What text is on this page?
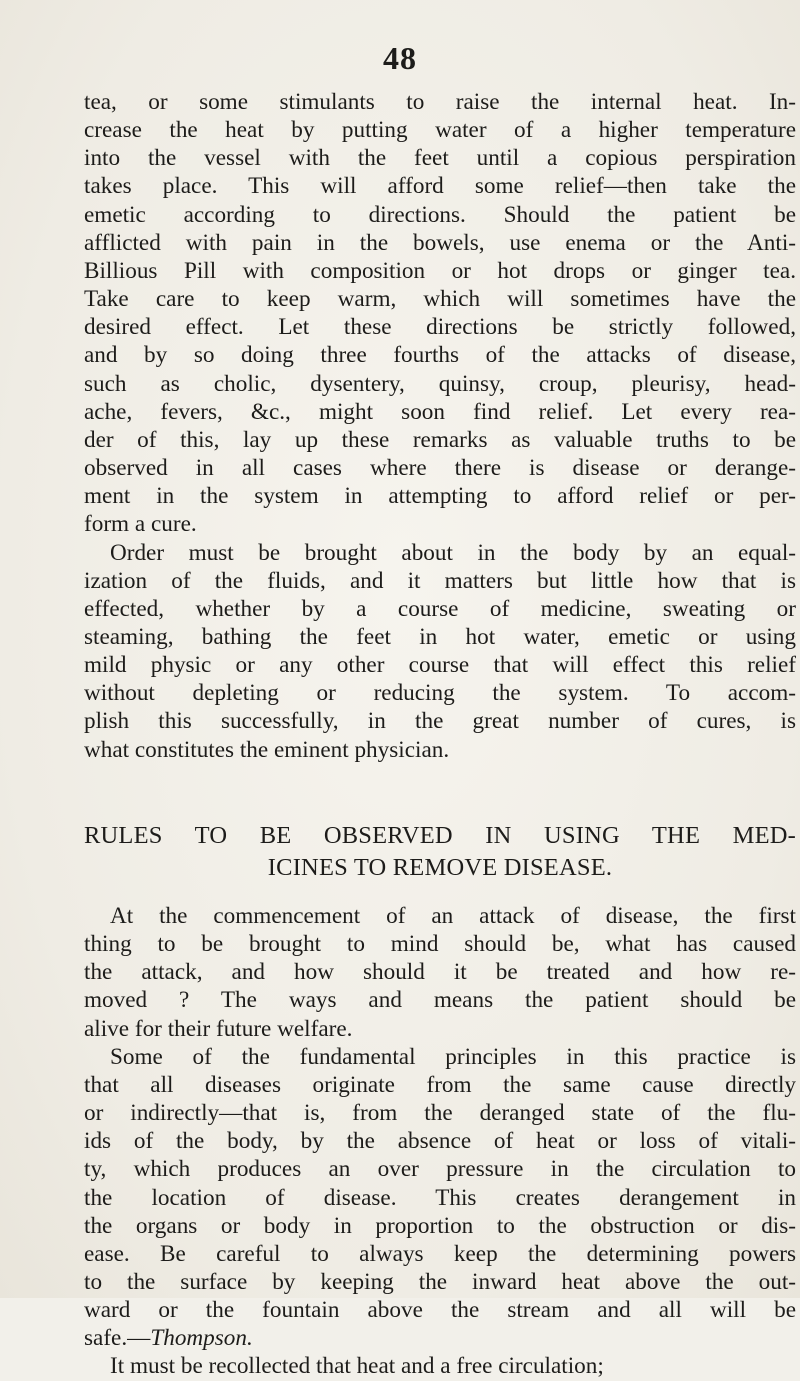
48
tea, or some stimulants to raise the internal heat. In-
crease the heat by putting water of a higher temperature
into the vessel with the feet until a copious perspiration
takes place. This will afford some relief—then take the
emetic according to directions. Should the patient be
afflicted with pain in the bowels, use enema or the Anti-
Billious Pill with composition or hot drops or ginger tea.
Take care to keep warm, which will sometimes have the
desired effect. Let these directions be strictly followed,
and by so doing three fourths of the attacks of disease,
such as cholic, dysentery, quinsy, croup, pleurisy, head-
ache, fevers, &c., might soon find relief. Let every rea-
der of this, lay up these remarks as valuable truths to be
observed in all cases where there is disease or derange-
ment in the system in attempting to afford relief or per-
form a cure.
Order must be brought about in the body by an equal-
ization of the fluids, and it matters but little how that is
effected, whether by a course of medicine, sweating or
steaming, bathing the feet in hot water, emetic or using
mild physic or any other course that will effect this relief
without depleting or reducing the system. To accom-
plish this successfully, in the great number of cures, is
what constitutes the eminent physician.
RULES TO BE OBSERVED IN USING THE MED-
ICINES TO REMOVE DISEASE.
At the commencement of an attack of disease, the first
thing to be brought to mind should be, what has caused
the attack, and how should it be treated and how re-
moved ? The ways and means the patient should be
alive for their future welfare.
Some of the fundamental principles in this practice is
that all diseases originate from the same cause directly
or indirectly—that is, from the deranged state of the flu-
ids of the body, by the absence of heat or loss of vitali-
ty, which produces an over pressure in the circulation to
the location of disease. This creates derangement in
the organs or body in proportion to the obstruction or dis-
ease. Be careful to always keep the determining powers
to the surface by keeping the inward heat above the out-
ward or the fountain above the stream and all will be
safe.—Thompson.
It must be recollected that heat and a free circulation;
